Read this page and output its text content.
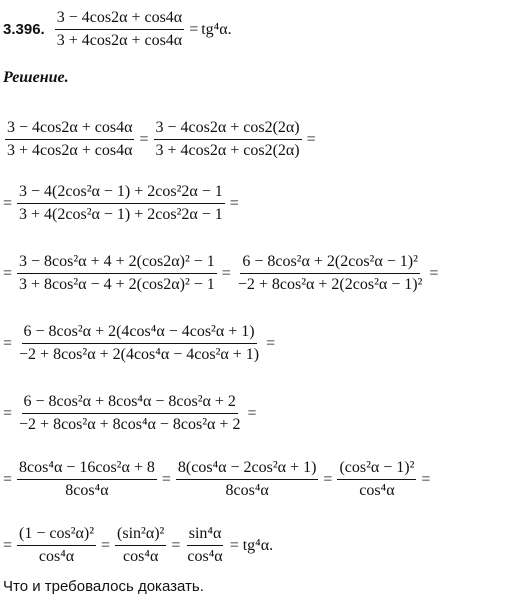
3.396. $\frac{3 - 4\cos 2\alpha + \cos 4\alpha}{3 + 4\cos 2\alpha + \cos 4\alpha} = tg^4\alpha$.
Решение.
$\frac{3 - 4\cos 2\alpha + \cos 4\alpha}{3 + 4\cos 2\alpha + \cos 4\alpha} = \frac{3 - 4\cos 2\alpha + \cos 2(2\alpha)}{3 + 4\cos 2\alpha + \cos 2(2\alpha)}$ =
= $\frac{\text{3 − 4(2cos²α − 1) + 2cos²2α − 1}}{\text{3 + 4(2cos²α − 1) + 2cos²2α − 1}}$ =
= $\frac{\text{3 − 8cos²α + 4 + 2(cos2α)² − 1}}{\text{3 + 8cos²α − 4 + 2(cos2α)² − 1}} = \frac{\text{6 − 8cos²α + 2(2cos²α − 1)²}}{\text{−2 + 8cos²α + 2(2cos²α − 1)²}}$ =
= $\frac{\text{6 − 8cos²α + 2(4cos⁴α − 4cos²α + 1)}}{\text{−2 + 8cos²α + 2(4cos⁴α − 4cos²α + 1)}}$ =
= $\frac{\text{6 − 8cos²α + 8cos⁴α − 8cos²α + 2}}{\text{−2 + 8cos²α + 8cos⁴α − 8cos²α + 2}}$ =
= $\frac{\text{8cos⁴α − 16cos²α + 8}}{\text{8cos⁴α}} = \frac{\text{8(cos⁴α − 2cos²α + 1)}}{\text{8cos⁴α}} = \frac{\text{(cos²α − 1)²}}{\text{cos⁴α}}$ =
= $\frac{\text{(1 − cos²α)²}}{\text{cos⁴α}} = \frac{\text{(sin²α)²}}{\text{cos⁴α}} = \frac{\text{sin⁴α}}{\text{cos⁴α}} = tg^4\alpha$.
Что и требовалось доказать.
